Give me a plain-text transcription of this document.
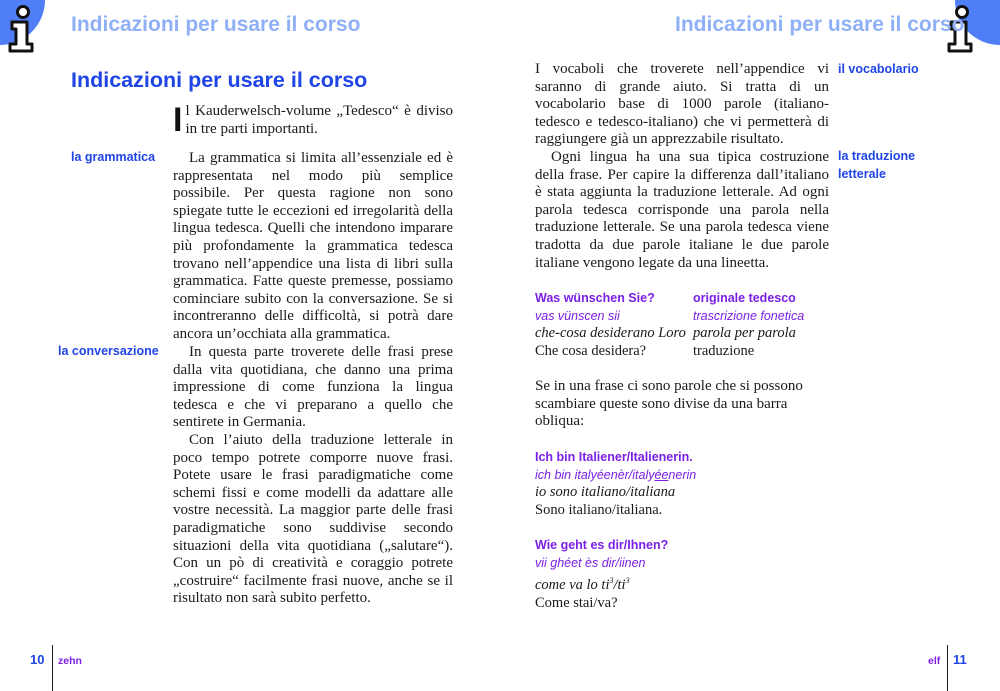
Indicazioni per usare il corso
Indicazioni per usare il corso

Il Kauderwelsch-volume „Tedesco“ è diviso in tre parti importanti.

la grammatica	La grammatica si limita all’essenziale ed è rappresentata nel modo più semplice possibile. Per questa ragione non sono spiegate tutte le eccezioni ed irregolarità della lingua tedesca. Quelli che intendono imparare più profondamente la grammatica tedesca trovano nell’appendice una lista di libri sulla grammatica. Fatte queste premesse, possiamo cominciare subito con la conversazione. Se si incontreranno delle difficoltà, si potrà dare ancora un’occhiata alla grammatica.

la conversazione	In questa parte troverete delle frasi prese dalla vita quotidiana, che danno una prima impressione di come funziona la lingua tedesca e che vi preparano a quello che sentirete in Germania.

Con l’aiuto della traduzione letterale in poco tempo potrete comporre nuove frasi. Potete usare le frasi paradigmatiche come schemi fissi e come modelli da adattare alle vostre necessità. La maggior parte delle frasi paradigmatiche sono suddivise secondo situazioni della vita quotidiana („salutare“). Con un pò di creatività e coraggio potrete „costruire“ facilmente frasi nuove, anche se il risultato non sarà subito perfetto.

10 zehn
Indicazioni per usare il corso
il vocabolario

I vocaboli che troverete nell’appendice vi saranno di grande aiuto. Si tratta di un vocabolario base di 1000 parole (italiano-tedesco e tedesco-italiano) che vi permetterà di raggiungere già un apprezzabile risultato.

Ogni lingua ha una sua tipica costruzione della frase. Per capire la differenza dall’italiano è stata aggiunta la traduzione letterale. Ad ogni parola tedesca corrisponde una parola nella traduzione letterale. Se una parola tedesca viene tradotta da due parole italiane le due parole italiane vengono legate da una lineetta.

la traduzione
letterale
Was wünschen Sie?
vas vünscen sii
che-cosa desiderano Loro
Che cosa desidera?
originale tedesco
trascrizione fonetica
parola per parola
traduzione

Se in una frase ci sono parole che si possono scambiare queste sono divise da una barra obliqua:

Ich bin Italiener/Italienerin.
ich bin italyéenèr/italyéenerin
io sono italiano/italiana
Sono italiano/italiana.
Wie geht es dir/Ihnen?
vii ghéet ès dir/iinen
come va lo $ti^3/ti^3$
Come stai/va?
elf 11
